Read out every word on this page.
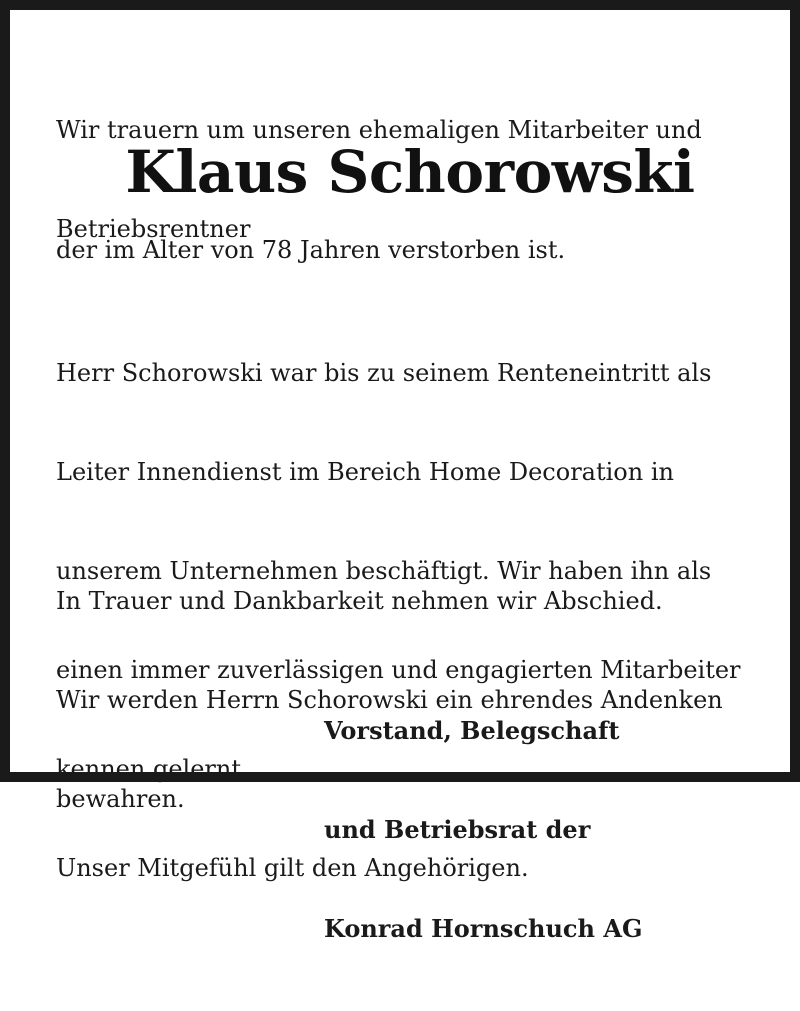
Wir trauern um unseren ehemaligen Mitarbeiter und

Betriebsrentner

Klaus Schorowski

der im Alter von 78 Jahren verstorben ist.

Herr Schorowski war bis zu seinem Renteneintritt als

Leiter Innendienst im Bereich Home Decoration in

unserem Unternehmen beschäftigt. Wir haben ihn als

einen immer zuverlässigen und engagierten Mitarbeiter

kennen gelernt.

Unser Mitgefühl gilt den Angehörigen.

In Trauer und Dankbarkeit nehmen wir Abschied.

Wir werden Herrn Schorowski ein ehrendes Andenken

bewahren.

Vorstand, Belegschaft

und Betriebsrat der

Konrad Hornschuch AG
